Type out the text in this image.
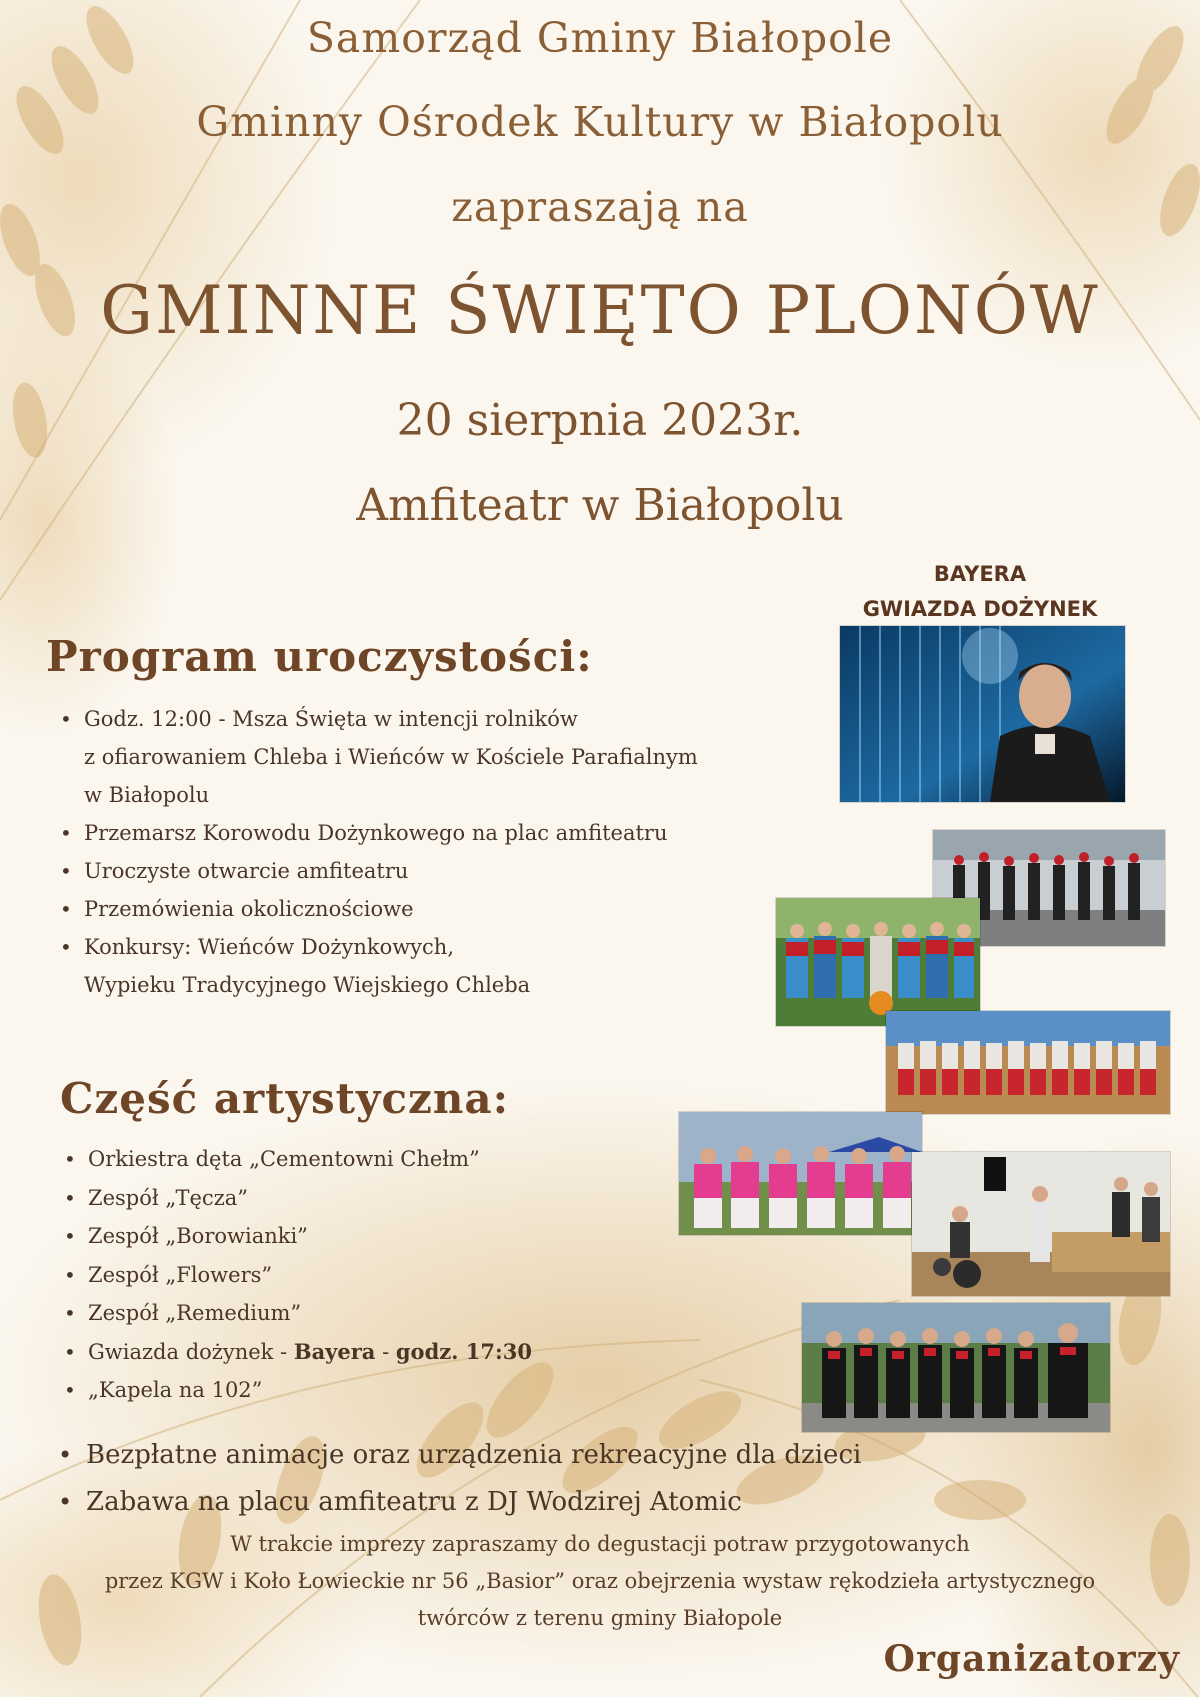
Samorząd Gminy Białopole
Gminny Ośrodek Kultury w Białopolu
zapraszają na
GMINNE ŚWIĘTO PLONÓW
20 sierpnia 2023r.
Amfiteatr w Białopolu
BAYERA
GWIAZDA DOŻYNEK
Program uroczystości:
• Godz. 12:00 - Msza Święta w intencji rolników
z ofiarowaniem Chleba i Wieńców w Kościele Parafialnym
w Białopolu
• Przemarsz Korowodu Dożynkowego na plac amfiteatru
• Uroczyste otwarcie amfiteatru
• Przemówienia okolicznościowe
• Konkursy: Wieńców Dożynkowych,
Wypieku Tradycyjnego Wiejskiego Chleba
Część artystyczna:
• Orkiestra dęta „Cementowni Chełm”
• Zespół „Tęcza”
• Zespół „Borowianki”
• Zespół „Flowers”
• Zespół „Remedium”
• Gwiazda dożynek - Bayera - godz. 17:30
• „Kapela na 102”
• Bezpłatne animacje oraz urządzenia rekreacyjne dla dzieci
• Zabawa na placu amfiteatru z DJ Wodzirej Atomic
W trakcie imprezy zapraszamy do degustacji potraw przygotowanych
przez KGW i Koło Łowieckie nr 56 „Basior” oraz obejrzenia wystaw rękodzieła artystycznego
twórców z terenu gminy Białopole
Organizatorzy
